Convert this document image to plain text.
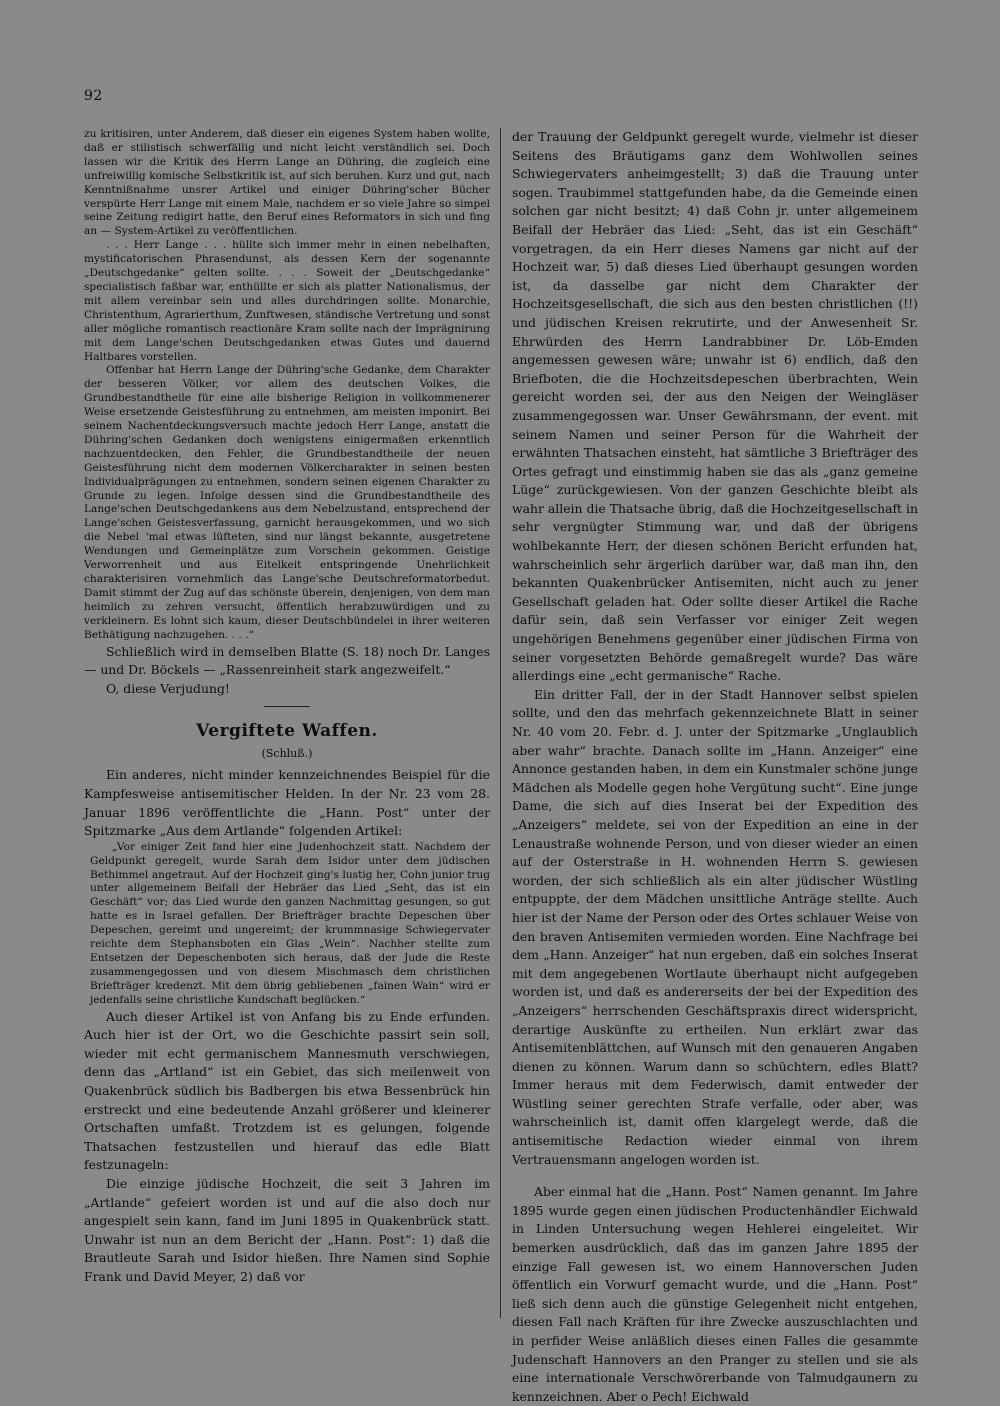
92

zu kritisiren, unter Anderem, daß dieser ein eigenes System haben wollte, daß er stilistisch schwerfällig und nicht leicht verständlich sei. Doch lassen wir die Kritik des Herrn Lange an Dühring, die zugleich eine unfreiwillig komische Selbstkritik ist, auf sich beruhen. Kurz und gut, nach Kenntnißnahme unsrer Artikel und einiger Dühring'scher Bücher verspürte Herr Lange mit einem Male, nachdem er so viele Jahre so simpel seine Zeitung redigirt hatte, den Beruf eines Reformators in sich und fing an — System-Artikel zu veröffentlichen.

. . . Herr Lange . . . hüllte sich immer mehr in einen nebelhaften, mystificatorischen Phrasendunst, als dessen Kern der sogenannte „Deutschgedanke“ gelten sollte. . . . Soweit der „Deutschgedanke“ specialistisch faßbar war, enthüllte er sich als platter Nationalismus, der mit allem vereinbar sein und alles durchdringen sollte. Monarchie, Christenthum, Agrarierthum, Zunftwesen, ständische Vertretung und sonst aller mögliche romantisch reactionäre Kram sollte nach der Imprägnirung mit dem Lange'schen Deutschgedanken etwas Gutes und dauernd Haltbares vorstellen.

Offenbar hat Herrn Lange der Dühring'sche Gedanke, dem Charakter der besseren Völker, vor allem des deutschen Volkes, die Grundbestandtheile für eine alle bisherige Religion in vollkommenerer Weise ersetzende Geistesführung zu entnehmen, am meisten imponirt. Bei seinem Nachentdeckungsversuch machte jedoch Herr Lange, anstatt die Dühring'schen Gedanken doch wenigstens einigermaßen erkenntlich nachzuentdecken, den Fehler, die Grundbestandtheile der neuen Geistesführung nicht dem modernen Völkercharakter in seinen besten Individualprägungen zu entnehmen, sondern seinen eigenen Charakter zu Grunde zu legen. Infolge dessen sind die Grundbestandtheile des Lange'schen Deutschgedankens aus dem Nebelzustand, entsprechend der Lange'schen Geistesverfassung, garnicht herausgekommen, und wo sich die Nebel 'mal etwas lüfteten, sind nur längst bekannte, ausgetretene Wendungen und Gemeinplätze zum Vorschein gekommen. Geistige Verworrenheit und aus Eitelkeit entspringende Unehrlichkeit charakterisiren vornehmlich das Lange'sche Deutschreformatorbedut. Damit stimmt der Zug auf das schönste überein, denjenigen, von dem man heimlich zu zehren versucht, öffentlich herabzuwürdigen und zu verkleinern. Es lohnt sich kaum, dieser Deutschbündelei in ihrer weiteren Bethätigung nachzugehen. . . .“

Schließlich wird in demselben Blatte (S. 18) noch Dr. Langes — und Dr. Böckels — „Rassenreinheit stark angezweifelt.“

O, diese Verjudung!

Vergiftete Waffen.
(Schluß.)

Ein anderes, nicht minder kennzeichnendes Beispiel für die Kampfesweise antisemitischer Helden. In der Nr. 23 vom 28. Januar 1896 veröffentlichte die „Hann. Post“ unter der Spitzmarke „Aus dem Artlande“ folgenden Artikel:

„Vor einiger Zeit fand hier eine Judenhochzeit statt. Nachdem der Geldpunkt geregelt, wurde Sarah dem Isidor unter dem jüdischen Bethimmel angetraut. Auf der Hochzeit ging's lustig her, Cohn junior trug unter allgemeinem Beifall der Hebräer das Lied „Seht, das ist ein Geschäft“ vor; das Lied wurde den ganzen Nachmittag gesungen, so gut hatte es in Israel gefallen. Der Briefträger brachte Depeschen über Depeschen, gereimt und ungereimt; der krummnasige Schwiegervater reichte dem Stephansboten ein Glas „Wein“. Nachher stellte zum Entsetzen der Depeschenboten sich heraus, daß der Jude die Reste zusammengegossen und von diesem Mischmasch dem christlichen Briefträger kredenzt. Mit dem übrig gebliebenen „fainen Wain“ wird er jedenfalls seine christliche Kundschaft beglücken.“

Auch dieser Artikel ist von Anfang bis zu Ende erfunden. Auch hier ist der Ort, wo die Geschichte passirt sein soll, wieder mit echt germanischem Mannesmuth verschwiegen, denn das „Artland“ ist ein Gebiet, das sich meilenweit von Quakenbrück südlich bis Badbergen bis etwa Bessenbrück hin erstreckt und eine bedeutende Anzahl größerer und kleinerer Ortschaften umfaßt. Trotzdem ist es gelungen, folgende Thatsachen festzustellen und hierauf das edle Blatt festzunageln:

Die einzige jüdische Hochzeit, die seit 3 Jahren im „Artlande“ gefeiert worden ist und auf die also doch nur angespielt sein kann, fand im Juni 1895 in Quakenbrück statt. Unwahr ist nun an dem Bericht der „Hann. Post“: 1) daß die Brautleute Sarah und Isidor hießen. Ihre Namen sind Sophie Frank und David Meyer, 2) daß vor

der Trauung der Geldpunkt geregelt wurde, vielmehr ist dieser Seitens des Bräutigams ganz dem Wohlwollen seines Schwiegervaters anheimgestellt; 3) daß die Trauung unter sogen. Traubimmel stattgefunden habe, da die Gemeinde einen solchen gar nicht besitzt; 4) daß Cohn jr. unter allgemeinem Beifall der Hebräer das Lied: „Seht, das ist ein Geschäft“ vorgetragen, da ein Herr dieses Namens gar nicht auf der Hochzeit war, 5) daß dieses Lied überhaupt gesungen worden ist, da dasselbe gar nicht dem Charakter der Hochzeitsgesellschaft, die sich aus den besten christlichen (!!) und jüdischen Kreisen rekrutirte, und der Anwesenheit Sr. Ehrwürden des Herrn Landrabbiner Dr. Löb-Emden angemessen gewesen wäre; unwahr ist 6) endlich, daß den Briefboten, die die Hochzeitsdepeschen überbrachten, Wein gereicht worden sei, der aus den Neigen der Weingläser zusammengegossen war. Unser Gewährsmann, der event. mit seinem Namen und seiner Person für die Wahrheit der erwähnten Thatsachen einsteht, hat sämtliche 3 Briefträger des Ortes gefragt und einstimmig haben sie das als „ganz gemeine Lüge“ zurückgewiesen. Von der ganzen Geschichte bleibt als wahr allein die Thatsache übrig, daß die Hochzeitgesellschaft in sehr vergnügter Stimmung war, und daß der übrigens wohlbekannte Herr, der diesen schönen Bericht erfunden hat, wahrscheinlich sehr ärgerlich darüber war, daß man ihn, den bekannten Quakenbrücker Antisemiten, nicht auch zu jener Gesellschaft geladen hat. Oder sollte dieser Artikel die Rache dafür sein, daß sein Verfasser vor einiger Zeit wegen ungehörigen Benehmens gegenüber einer jüdischen Firma von seiner vorgesetzten Behörde gemaßregelt wurde? Das wäre allerdings eine „echt germanische“ Rache.

Ein dritter Fall, der in der Stadt Hannover selbst spielen sollte, und den das mehrfach gekennzeichnete Blatt in seiner Nr. 40 vom 20. Febr. d. J. unter der Spitzmarke „Unglaublich aber wahr“ brachte. Danach sollte im „Hann. Anzeiger“ eine Annonce gestanden haben, in dem ein Kunstmaler schöne junge Mädchen als Modelle gegen hohe Vergütung sucht“. Eine junge Dame, die sich auf dies Inserat bei der Expedition des „Anzeigers“ meldete, sei von der Expedition an eine in der Lenaustraße wohnende Person, und von dieser wieder an einen auf der Osterstraße in H. wohnenden Herrn S. gewiesen worden, der sich schließlich als ein alter jüdischer Wüstling entpuppte, der dem Mädchen unsittliche Anträge stellte. Auch hier ist der Name der Person oder des Ortes schlauer Weise von den braven Antisemiten vermieden worden. Eine Nachfrage bei dem „Hann. Anzeiger“ hat nun ergeben, daß ein solches Inserat mit dem angegebenen Wortlaute überhaupt nicht aufgegeben worden ist, und daß es andererseits der bei der Expedition des „Anzeigers“ herrschenden Geschäftspraxis direct widerspricht, derartige Auskünfte zu ertheilen. Nun erklärt zwar das Antisemitenblättchen, auf Wunsch mit den genaueren Angaben dienen zu können. Warum dann so schüchtern, edles Blatt? Immer heraus mit dem Federwisch, damit entweder der Wüstling seiner gerechten Strafe verfalle, oder aber, was wahrscheinlich ist, damit offen klargelegt werde, daß die antisemitische Redaction wieder einmal von ihrem Vertrauensmann angelogen worden ist.

Aber einmal hat die „Hann. Post“ Namen genannt. Im Jahre 1895 wurde gegen einen jüdischen Productenhändler Eichwald in Linden Untersuchung wegen Hehlerei eingeleitet. Wir bemerken ausdrücklich, daß das im ganzen Jahre 1895 der einzige Fall gewesen ist, wo einem Hannoverschen Juden öffentlich ein Vorwurf gemacht wurde, und die „Hann. Post“ ließ sich denn auch die günstige Gelegenheit nicht entgehen, diesen Fall nach Kräften für ihre Zwecke auszuschlachten und in perfider Weise anläßlich dieses einen Falles die gesammte Judenschaft Hannovers an den Pranger zu stellen und sie als eine internationale Verschwörerbande von Talmudgaunern zu kennzeichnen. Aber o Pech! Eichwald
